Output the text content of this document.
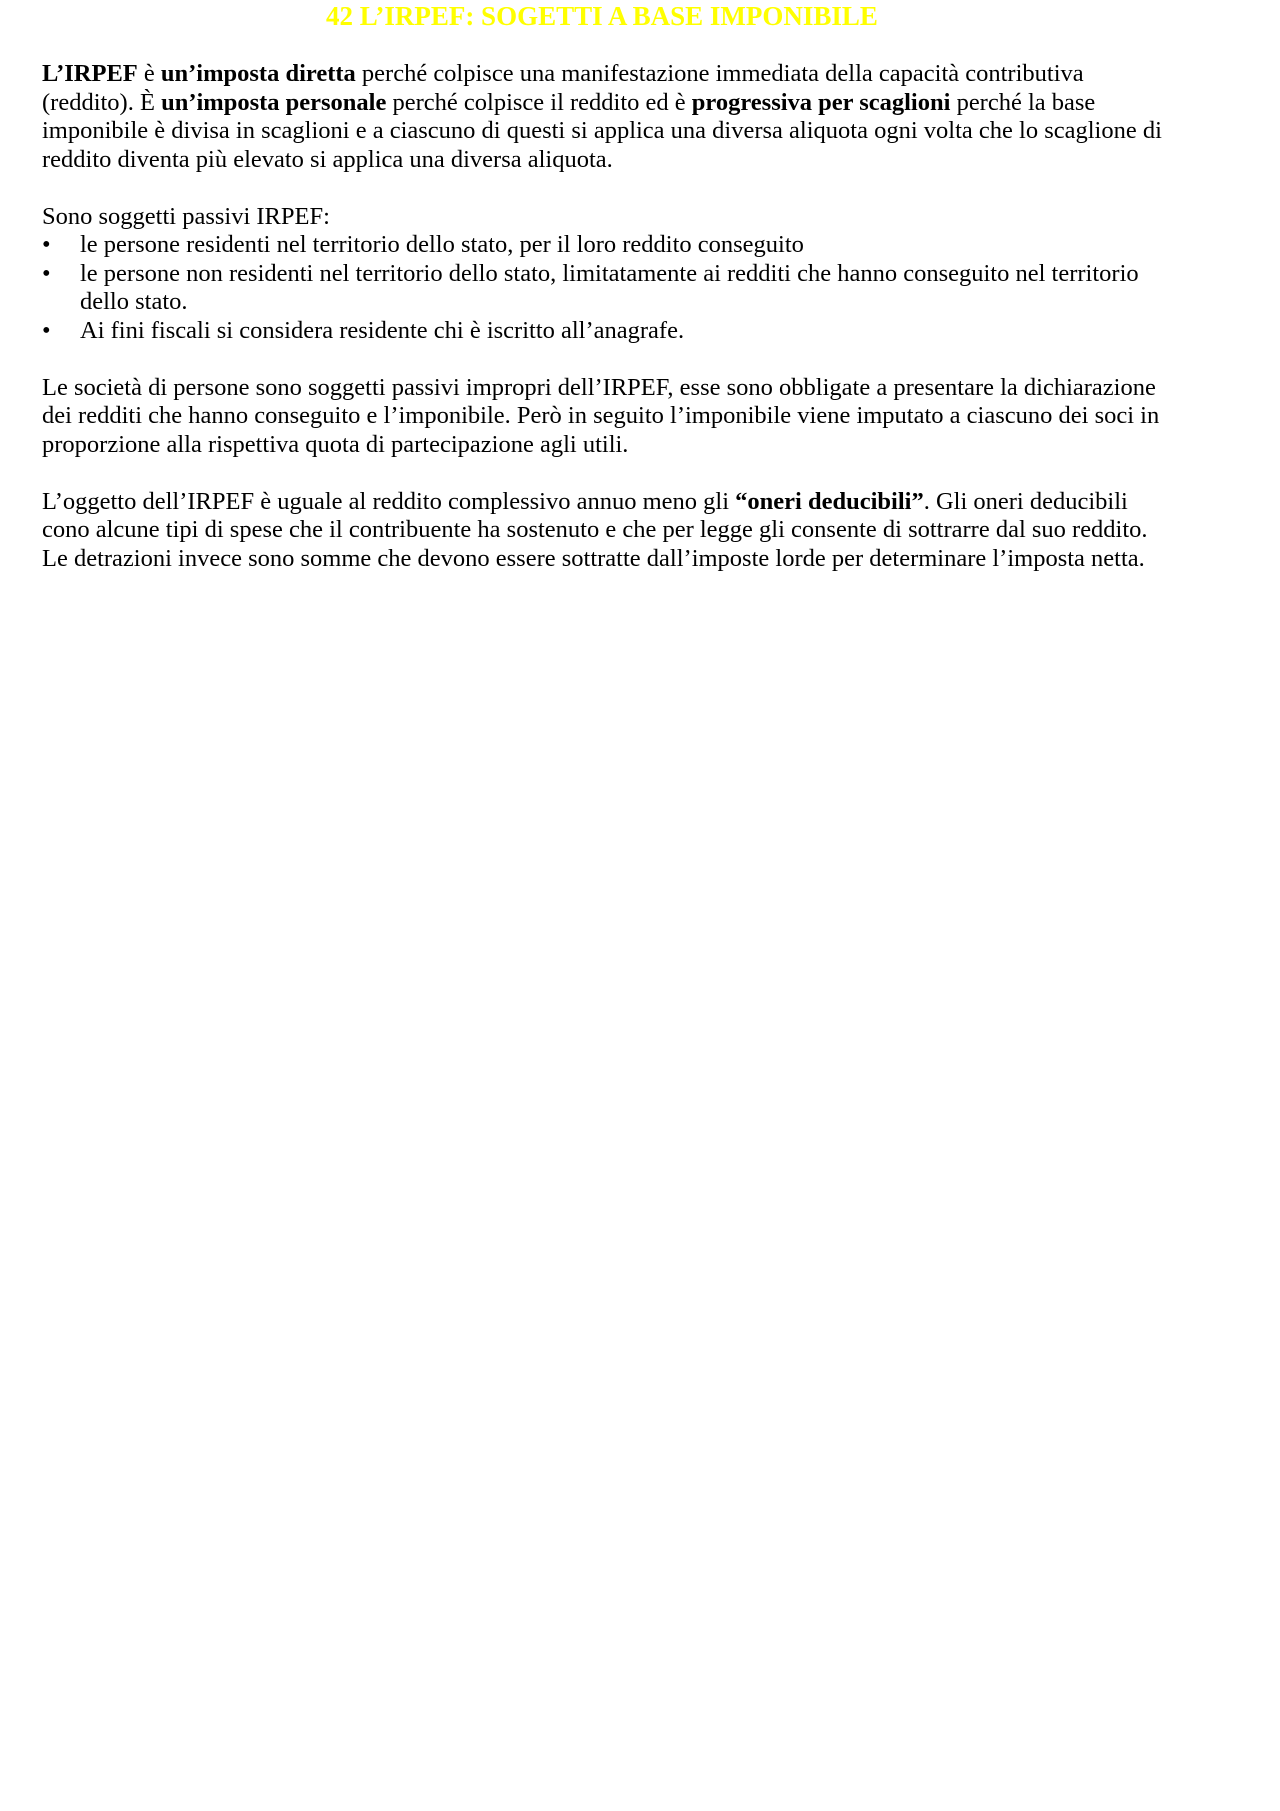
42 L’IRPEF: SOGETTI A BASE IMPONIBILE

L’IRPEF è un’imposta diretta perché colpisce una manifestazione immediata della capacità contributiva (reddito). È un’imposta personale perché colpisce il reddito ed è progressiva per scaglioni perché la base imponibile è divisa in scaglioni e a ciascuno di questi si applica una diversa aliquota ogni volta che lo scaglione di reddito diventa più elevato si applica una diversa aliquota.

Sono soggetti passivi IRPEF:

• le persone residenti nel territorio dello stato, per il loro reddito conseguito
• le persone non residenti nel territorio dello stato, limitatamente ai redditi che hanno conseguito nel territorio dello stato.
• Ai fini fiscali si considera residente chi è iscritto all’anagrafe.

Le società di persone sono soggetti passivi impropri dell’IRPEF, esse sono obbligate a presentare la dichiarazione dei redditi che hanno conseguito e l’imponibile. Però in seguito l’imponibile viene imputato a ciascuno dei soci in proporzione alla rispettiva quota di partecipazione agli utili.

L’oggetto dell’IRPEF è uguale al reddito complessivo annuo meno gli “oneri deducibili”. Gli oneri deducibili cono alcune tipi di spese che il contribuente ha sostenuto e che per legge gli consente di sottrarre dal suo reddito. Le detrazioni invece sono somme che devono essere sottratte dall’imposte lorde per determinare l’imposta netta.
